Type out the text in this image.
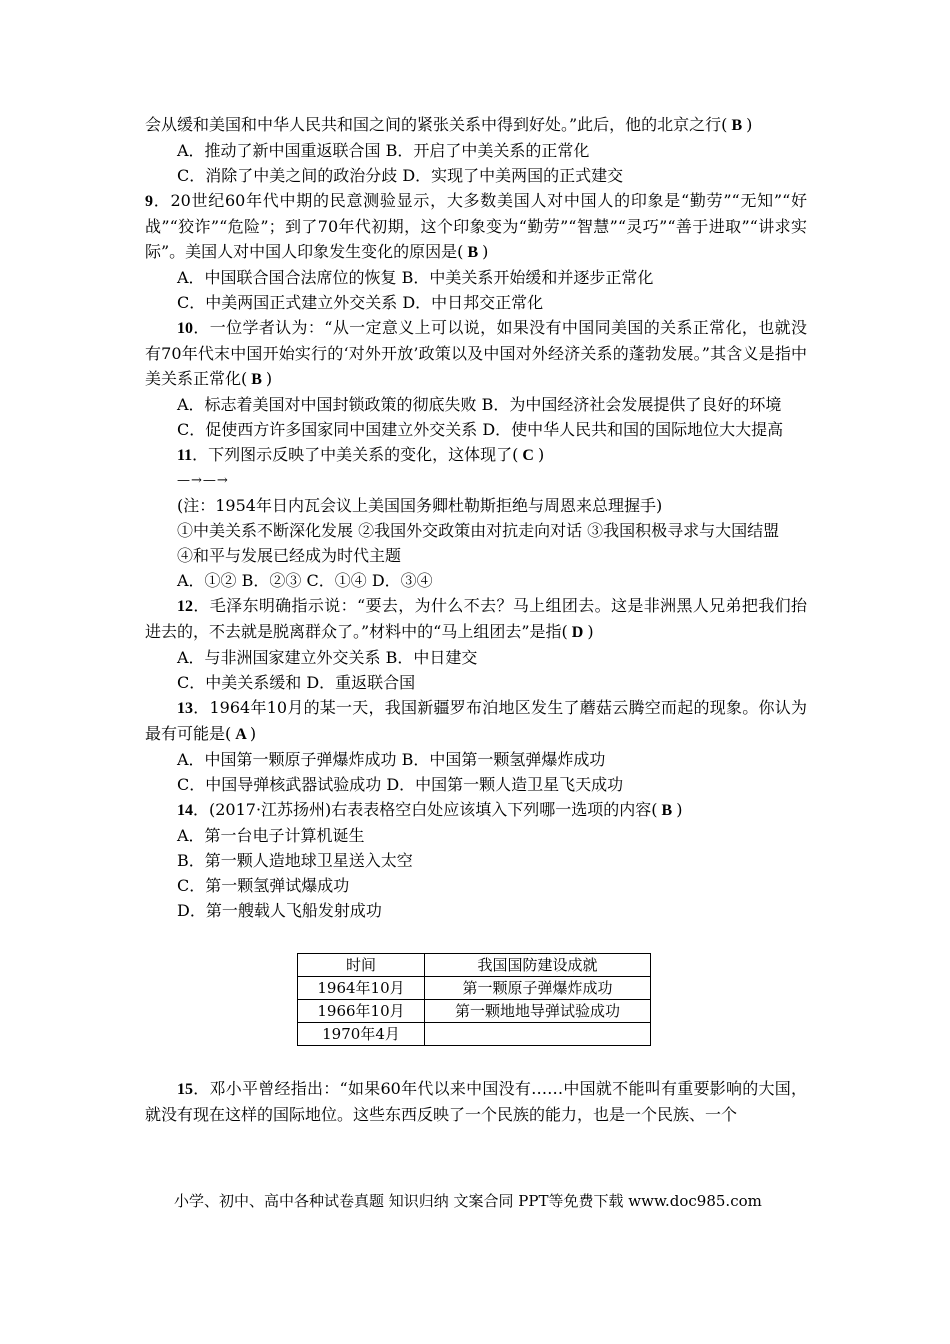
会从缓和美国和中华人民共和国之间的紧张关系中得到好处。”此后，他的北京之行( B )
A．推动了新中国重返联合国 B．开启了中美关系的正常化
C．消除了中美之间的政治分歧 D．实现了中美两国的正式建交
9．20世纪60年代中期的民意测验显示，大多数美国人对中国人的印象是“勤劳”“无知”“好战”“狡诈”“危险”；到了70年代初期，这个印象变为“勤劳”“智慧”“灵巧”“善于进取”“讲求实际”。美国人对中国人印象发生变化的原因是( B )
A．中国联合国合法席位的恢复 B．中美关系开始缓和并逐步正常化
C．中美两国正式建立外交关系 D．中日邦交正常化
10．一位学者认为：“从一定意义上可以说，如果没有中国同美国的关系正常化，也就没有70年代末中国开始实行的‘对外开放’政策以及中国对外经济关系的蓬勃发展。”其含义是指中美关系正常化( B )
A．标志着美国对中国封锁政策的彻底失败 B．为中国经济社会发展提供了良好的环境
C．促使西方许多国家同中国建立外交关系 D．使中华人民共和国的国际地位大大提高
11．下列图示反映了中美关系的变化，这体现了( C )
—→—→
(注：1954年日内瓦会议上美国国务卿杜勒斯拒绝与周恩来总理握手)
①中美关系不断深化发展 ②我国外交政策由对抗走向对话 ③我国积极寻求与大国结盟
④和平与发展已经成为时代主题
A．①② B．②③ C．①④ D．③④
12．毛泽东明确指示说：“要去，为什么不去？马上组团去。这是非洲黑人兄弟把我们抬进去的，不去就是脱离群众了。”材料中的“马上组团去”是指( D )
A．与非洲国家建立外交关系 B．中日建交
C．中美关系缓和 D．重返联合国
13．1964年10月的某一天，我国新疆罗布泊地区发生了蘑菇云腾空而起的现象。你认为最有可能是( A )
A．中国第一颗原子弹爆炸成功 B．中国第一颗氢弹爆炸成功
C．中国导弹核武器试验成功 D．中国第一颗人造卫星飞天成功
14．(2017·江苏扬州)右表表格空白处应该填入下列哪一选项的内容( B )
A．第一台电子计算机诞生
B．第一颗人造地球卫星送入太空
C．第一颗氢弹试爆成功
D．第一艘载人飞船发射成功
时间	我国国防建设成就
1964年10月	第一颗原子弹爆炸成功
1966年10月	第一颗地地导弹试验成功
1970年4月	
15．邓小平曾经指出：“如果60年代以来中国没有……中国就不能叫有重要影响的大国，就没有现在这样的国际地位。这些东西反映了一个民族的能力，也是一个民族、一个
小学、初中、高中各种试卷真题 知识归纳 文案合同 PPT等免费下载 www.doc985.com
